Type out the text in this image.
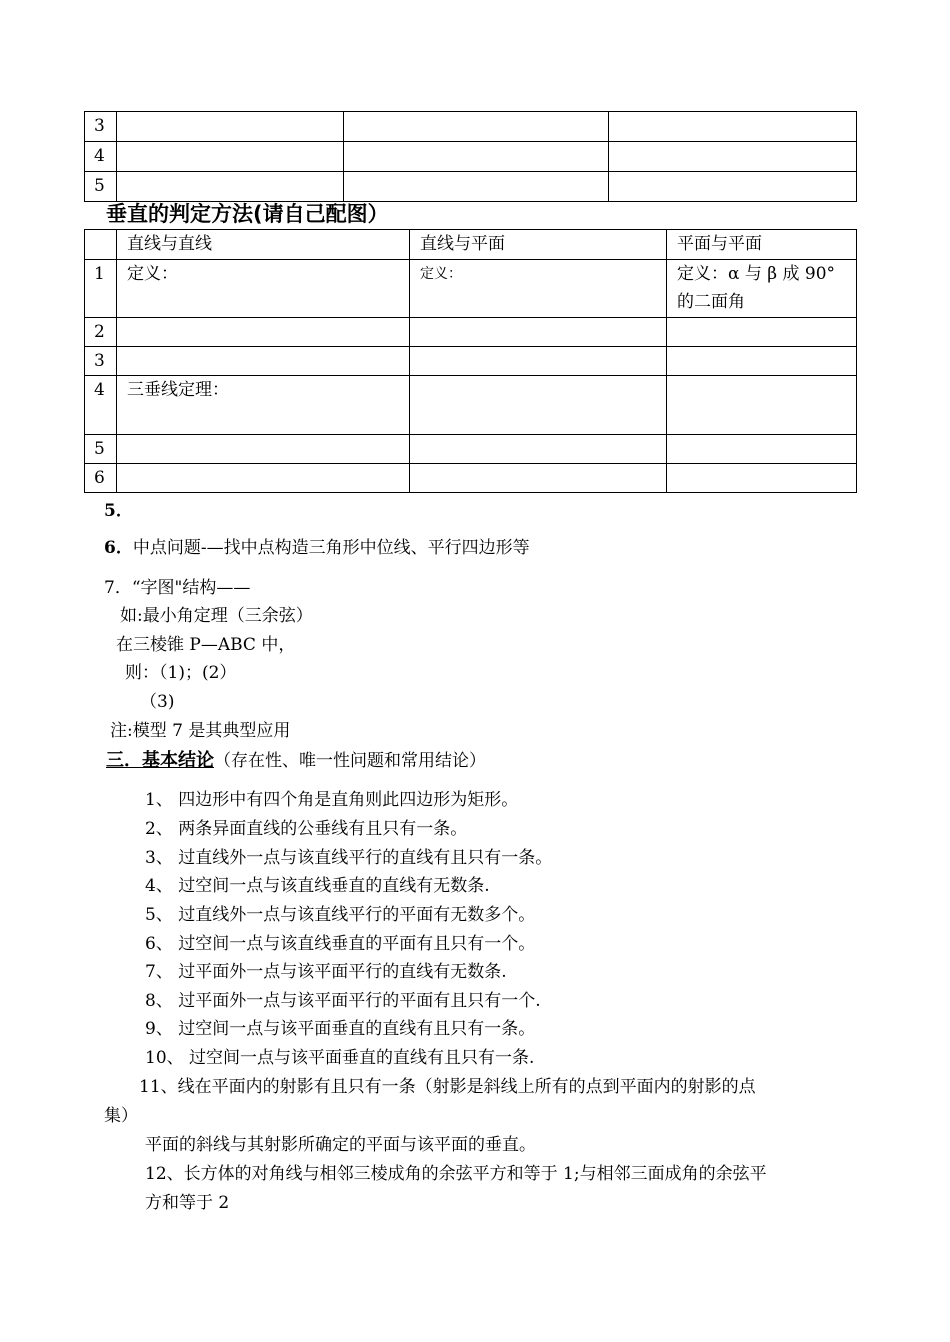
3			
4			
5			
垂直的判定方法(请自己配图）
	直线与直线	直线与平面	平面与平面
1	定义：	定义：	定义：α 与 β 成 90°
的二面角

2			
3			
4	三垂线定理：		
5			
6			
5．
6．中点问题-—找中点构造三角形中位线、平行四边形等
7．“字图"结构——
如:最小角定理（三余弦）
在三棱锥 P—ABC 中，
则：（1)；(2）
（3)
注:模型 7 是其典型应用
三．基本结论（存在性、唯一性问题和常用结论）
1、 四边形中有四个角是直角则此四边形为矩形。
2、 两条异面直线的公垂线有且只有一条。
3、 过直线外一点与该直线平行的直线有且只有一条。
4、 过空间一点与该直线垂直的直线有无数条.
5、 过直线外一点与该直线平行的平面有无数多个。
6、 过空间一点与该直线垂直的平面有且只有一个。
7、 过平面外一点与该平面平行的直线有无数条.
8、 过平面外一点与该平面平行的平面有且只有一个.
9、 过空间一点与该平面垂直的直线有且只有一条。
10、 过空间一点与该平面垂直的直线有且只有一条.
11、线在平面内的射影有且只有一条（射影是斜线上所有的点到平面内的射影的点
集）
平面的斜线与其射影所确定的平面与该平面的垂直。
12、长方体的对角线与相邻三棱成角的余弦平方和等于 1;与相邻三面成角的余弦平
方和等于 2
